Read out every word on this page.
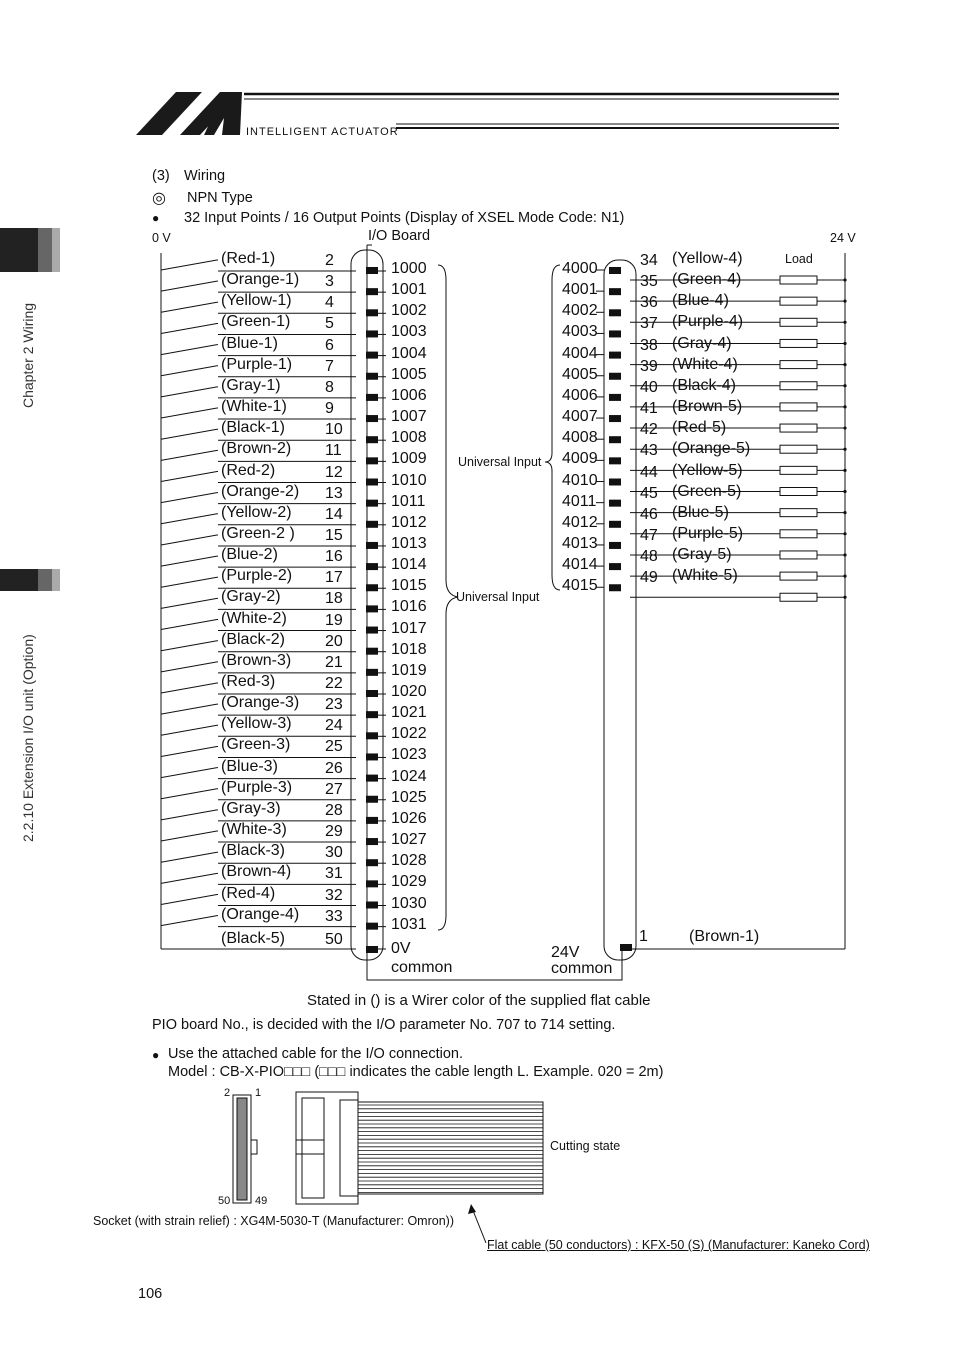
INTELLIGENT ACTUATOR
Chapter 2 Wiring
2.2.10 Extension I/O unit (Option)
(3) Wiring
◎ NPN Type
● 32 Input Points / 16 Output Points (Display of XSEL Mode Code: N1)
0 V	I/O Board	24 V
Load
Universal Input
Universal Input
(Red-1)	2	1000
(Orange-1) 3	1001
(Yellow-1) 4	1002
(Green-1) 5	1003
(Blue-1)	6	1004
(Purple-1) 7	1005
(Gray-1)	8	1006
(White-1) 9	1007
(Black-1) 10	1008
(Brown-2) 11	1009
(Red-2)	12	1010
(Orange-2) 13	1011
(Yellow-2) 14	1012
(Green-2 ) 15	1013
(Blue-2)	16	1014
(Purple-2) 17	1015
(Gray-2)	18	1016
(White-2) 19	1017
(Black-2) 20	1018
(Brown-3) 21	1019
(Red-3)	22	1020
(Orange-3) 23	1021
(Yellow-3) 24	1022
(Green-3) 25	1023
(Blue-3)	26	1024
(Purple-3) 27	1025
(Gray-3)	28	1026
(White-3) 29	1027
(Black-3) 30	1028
(Brown-4) 31	1029
(Red-4)	32	1030
(Orange-4) 33	1031
4000	34 (Yellow-4)
4001	35 (Green-4)
4002	36 (Blue-4)
4003	37 (Purple-4)
4004	38 (Gray-4)
4005	39 (White-4)
4006	40 (Black-4)
4007	41 (Brown-5)
4008	42 (Red-5)
4009	43 (Orange-5)
4010	44 (Yellow-5)
4011	45 (Green-5)
4012	46 (Blue-5)
4013	47 (Purple-5)
4014	48 (Gray-5)
4015	49 (White-5)
(Black-5) 50
0V
common
24V
common
1	(Brown-1)
Stated in () is a Wirer color of the supplied flat cable
PIO board No., is decided with the I/O parameter No. 707 to 714 setting.
● Use the attached cable for the I/O connection.
Model : CB-X-PIO□□□ (□□□ indicates the cable length L. Example. 020 = 2m)
2 1
50 49
Cutting state
Socket (with strain relief) : XG4M-5030-T (Manufacturer: Omron))
Flat cable (50 conductors) : KFX-50 (S) (Manufacturer: Kaneko Cord)
106
